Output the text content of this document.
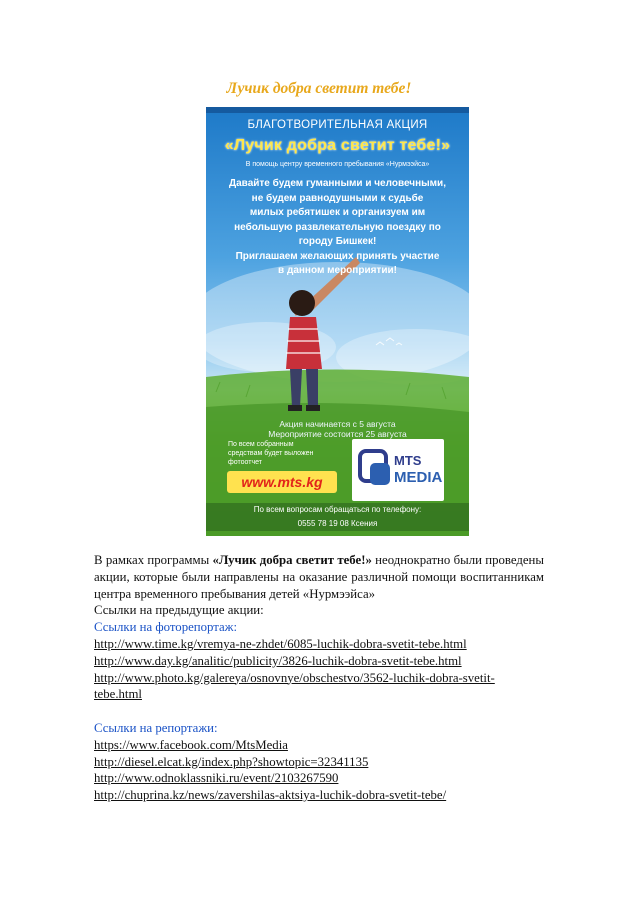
Лучик добра светит тебе!
БЛАГОТВОРИТЕЛЬНАЯ АКЦИЯ
«Лучик добра светит тебе!»
В помощь центру временного пребывания «Нурмээйса»
Давайте будем гуманными и человечными,
не будем равнодушными к судьбе
милых ребятишек и организуем им
небольшую развлекательную поездку по
городу Бишкек!
Приглашаем желающих принять участие
в данном мероприятии!
Акция начинается с 5 августа
Мероприятие состоится 25 августа
По всем собранным
средствам будет выложен
фотоотчет
www.mts.kg
MTS
MEDIA
По всем вопросам обращаться по телефону:
0555 78 19 08 Ксения

В рамках программы «Лучик добра светит тебе!» неоднократно были проведены акции, которые были направлены на оказание различной помощи воспитанникам центра временного пребывания детей «Нурмээйса»

Ссылки на предыдущие акции:

Ссылки на фоторепортаж:

http://www.time.kg/vremya-ne-zhdet/6085-luchik-dobra-svetit-tebe.html
http://www.day.kg/analitic/publicity/3826-luchik-dobra-svetit-tebe.html
http://www.photo.kg/galereya/osnovnye/obschestvo/3562-luchik-dobra-svetit-
tebe.html

Ссылки на репортажи:

https://www.facebook.com/MtsMedia
http://diesel.elcat.kg/index.php?showtopic=32341135
http://www.odnoklassniki.ru/event/2103267590
http://chuprina.kz/news/zavershilas-aktsiya-luchik-dobra-svetit-tebe/
